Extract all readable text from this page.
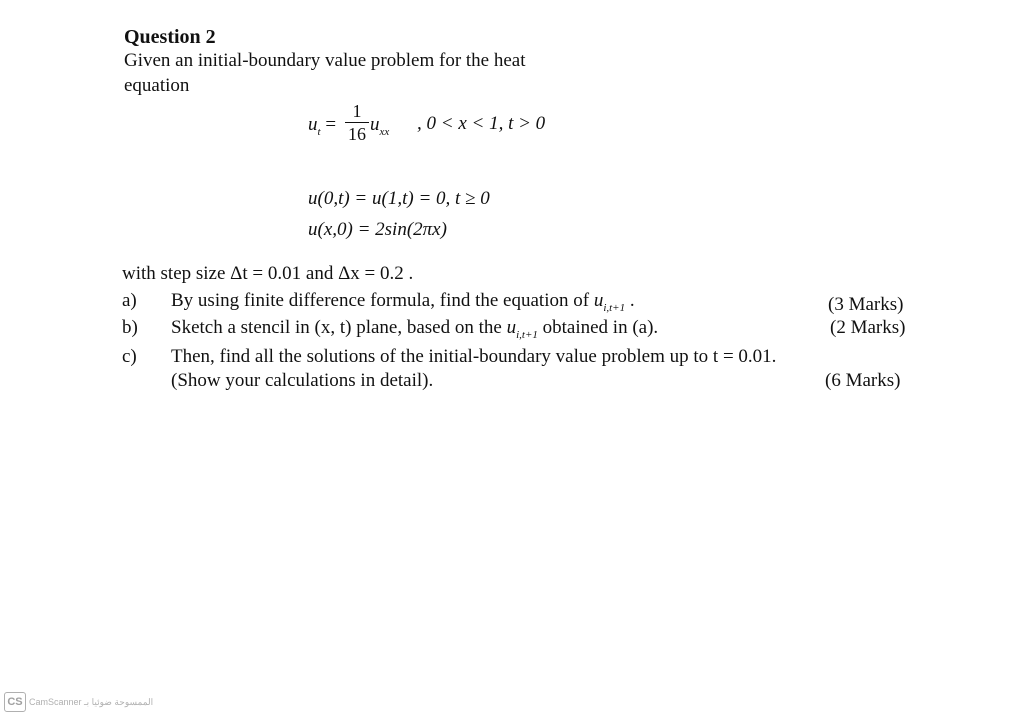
Question 2
Given an initial-boundary value problem for the heat
equation
$u_t$ =
1
16 $u_{xx}$ , 0 < x < 1, t > 0
u(0,t) = u(1,t) = 0, t ≥ 0
u(x,0) = 2sin(2πx)
with step size Δt = 0.01 and Δx = 0.2 .
a) By using finite difference formula, find the equation of $u_{i,t+1}$ .	(3 Marks)
b) Sketch a stencil in (x, t) plane, based on the $u_{i,t+1}$ obtained in (a).	(2 Marks)
c) Then, find all the solutions of the initial-boundary value problem up to t = 0.01.
(Show your calculations in detail).	(6 Marks)
CS CamScanner الممسوحة ضوئيا بـ
